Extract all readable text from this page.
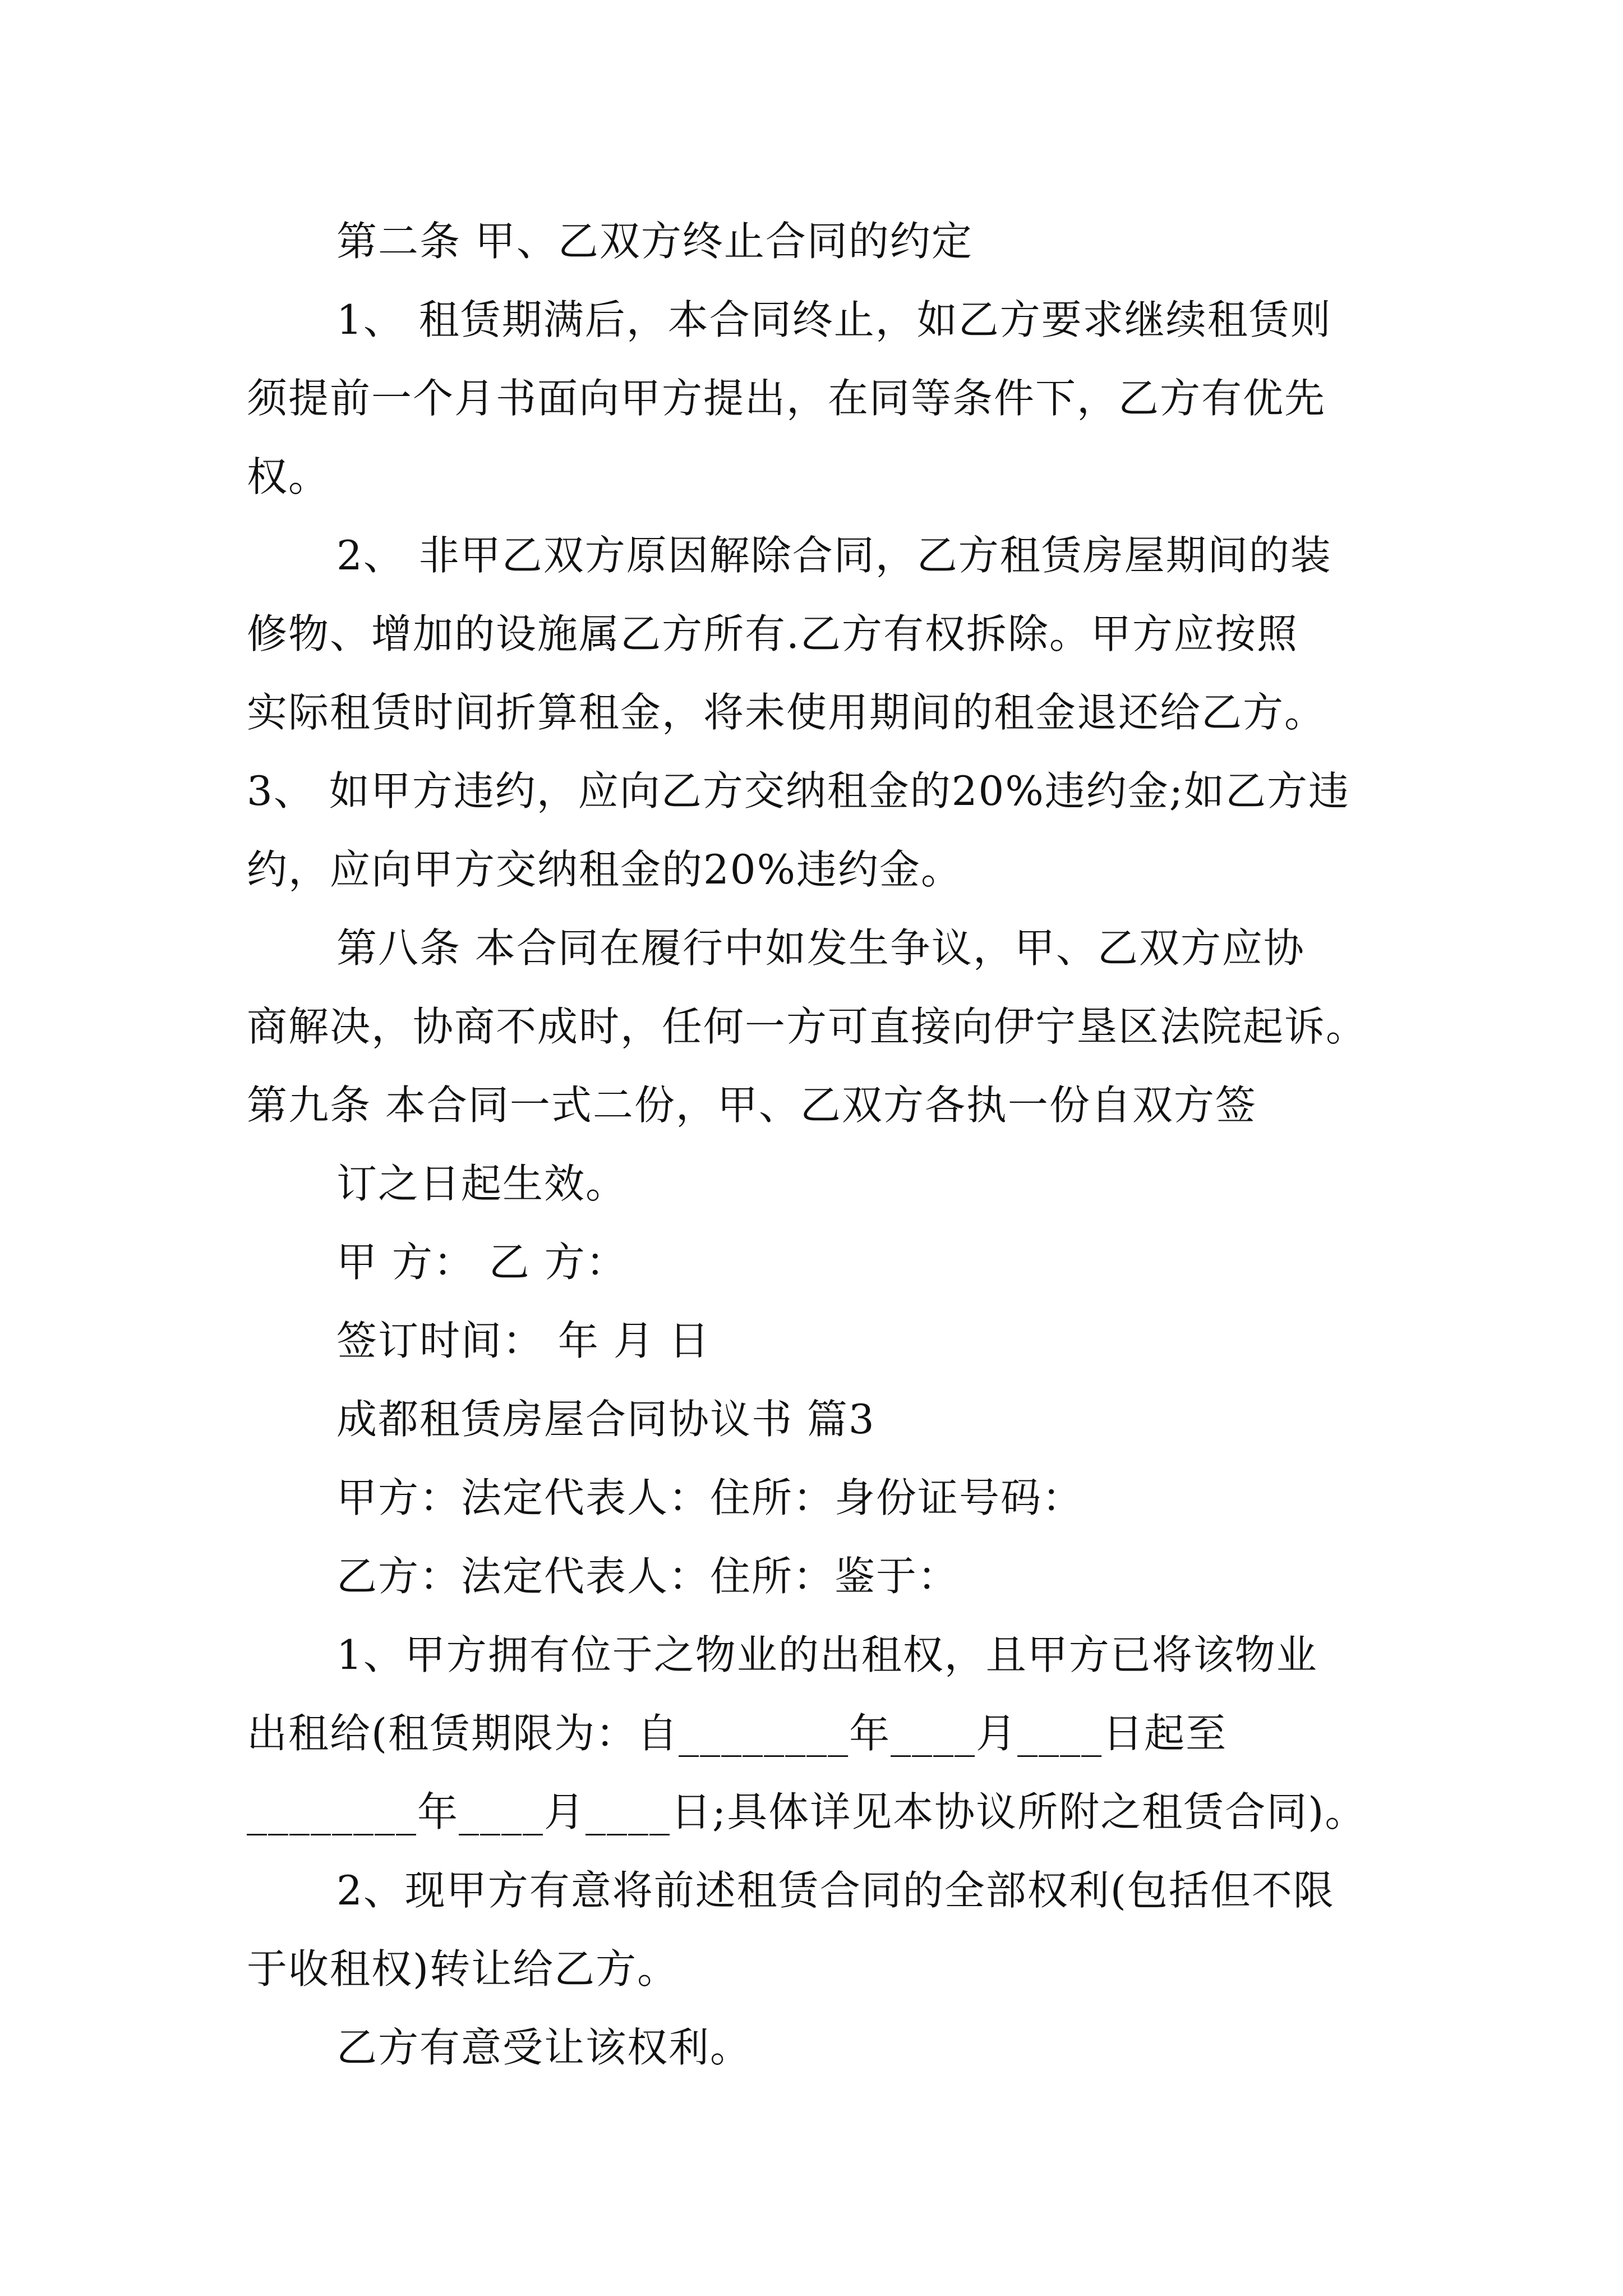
第二条 甲、乙双方终止合同的约定
1、 租赁期满后，本合同终止，如乙方要求继续租赁则
须提前一个月书面向甲方提出，在同等条件下，乙方有优先
权。
2、 非甲乙双方原因解除合同，乙方租赁房屋期间的装
修物、增加的设施属乙方所有.乙方有权拆除。甲方应按照
实际租赁时间折算租金，将未使用期间的租金退还给乙方。
3、 如甲方违约，应向乙方交纳租金的20%违约金;如乙方违
约，应向甲方交纳租金的20%违约金。
第八条 本合同在履行中如发生争议，甲、乙双方应协
商解决，协商不成时，任何一方可直接向伊宁垦区法院起诉。
第九条 本合同一式二份，甲、乙双方各执一份自双方签
订之日起生效。
甲 方： 乙 方：
签订时间： 年 月 日
成都租赁房屋合同协议书 篇3
甲方：法定代表人：住所：身份证号码：
乙方：法定代表人：住所：鉴于：
1、甲方拥有位于之物业的出租权，且甲方已将该物业
出租给(租赁期限为：自________年____月____日起至
________年____月____日;具体详见本协议所附之租赁合同)。
2、现甲方有意将前述租赁合同的全部权利(包括但不限
于收租权)转让给乙方。
乙方有意受让该权利。
